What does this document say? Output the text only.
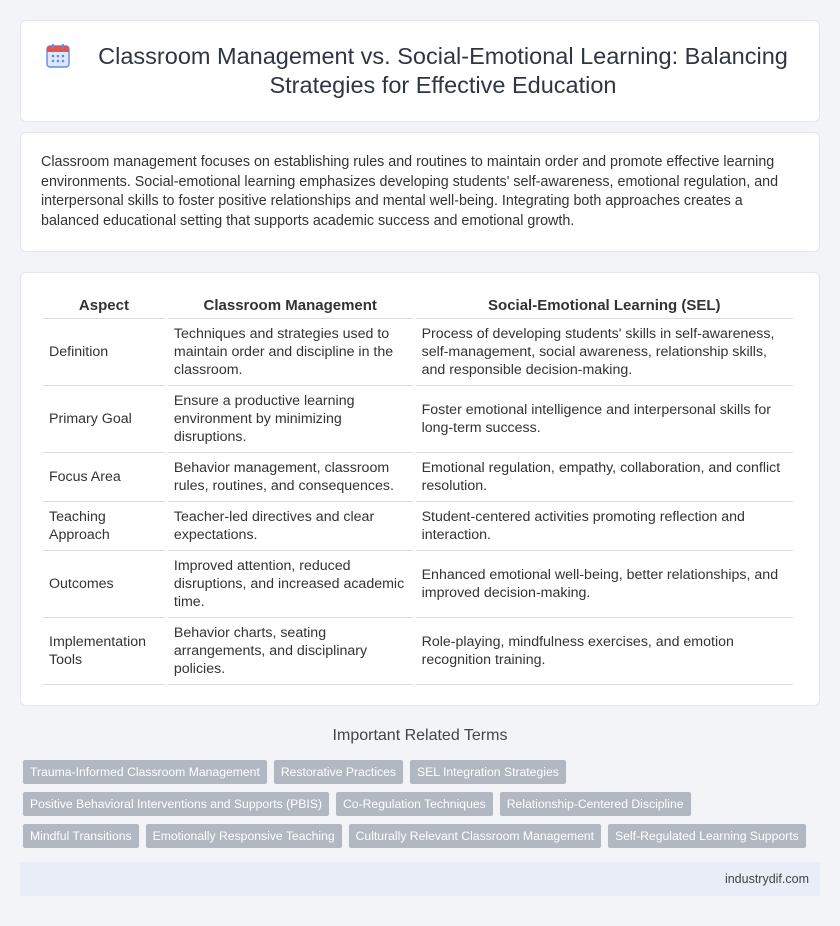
Classroom Management vs. Social-Emotional Learning: Balancing Strategies for Effective Education

Classroom management focuses on establishing rules and routines to maintain order and promote effective learning environments. Social-emotional learning emphasizes developing students' self-awareness, emotional regulation, and interpersonal skills to foster positive relationships and mental well-being. Integrating both approaches creates a balanced educational setting that supports academic success and emotional growth.

Aspect	Classroom Management	Social-Emotional Learning (SEL)
Definition	Techniques and strategies used to maintain order and discipline in the classroom.	Process of developing students' skills in self-awareness, self-management, social awareness, relationship skills, and responsible decision-making.
Primary Goal	Ensure a productive learning environment by minimizing disruptions.	Foster emotional intelligence and interpersonal skills for long-term success.
Focus Area	Behavior management, classroom rules, routines, and consequences.	Emotional regulation, empathy, collaboration, and conflict resolution.
Teaching Approach	Teacher-led directives and clear expectations.	Student-centered activities promoting reflection and interaction.
Outcomes	Improved attention, reduced disruptions, and increased academic time.	Enhanced emotional well-being, better relationships, and improved decision-making.
Implementation Tools	Behavior charts, seating arrangements, and disciplinary policies.	Role-playing, mindfulness exercises, and emotion recognition training.
Important Related Terms
Trauma-Informed Classroom Management	Restorative Practices	SEL Integration Strategies
Positive Behavioral Interventions and Supports (PBIS)	Co-Regulation Techniques	Relationship-Centered Discipline
Mindful Transitions	Emotionally Responsive Teaching	Culturally Relevant Classroom Management	Self-Regulated Learning Supports
industrydif.com
